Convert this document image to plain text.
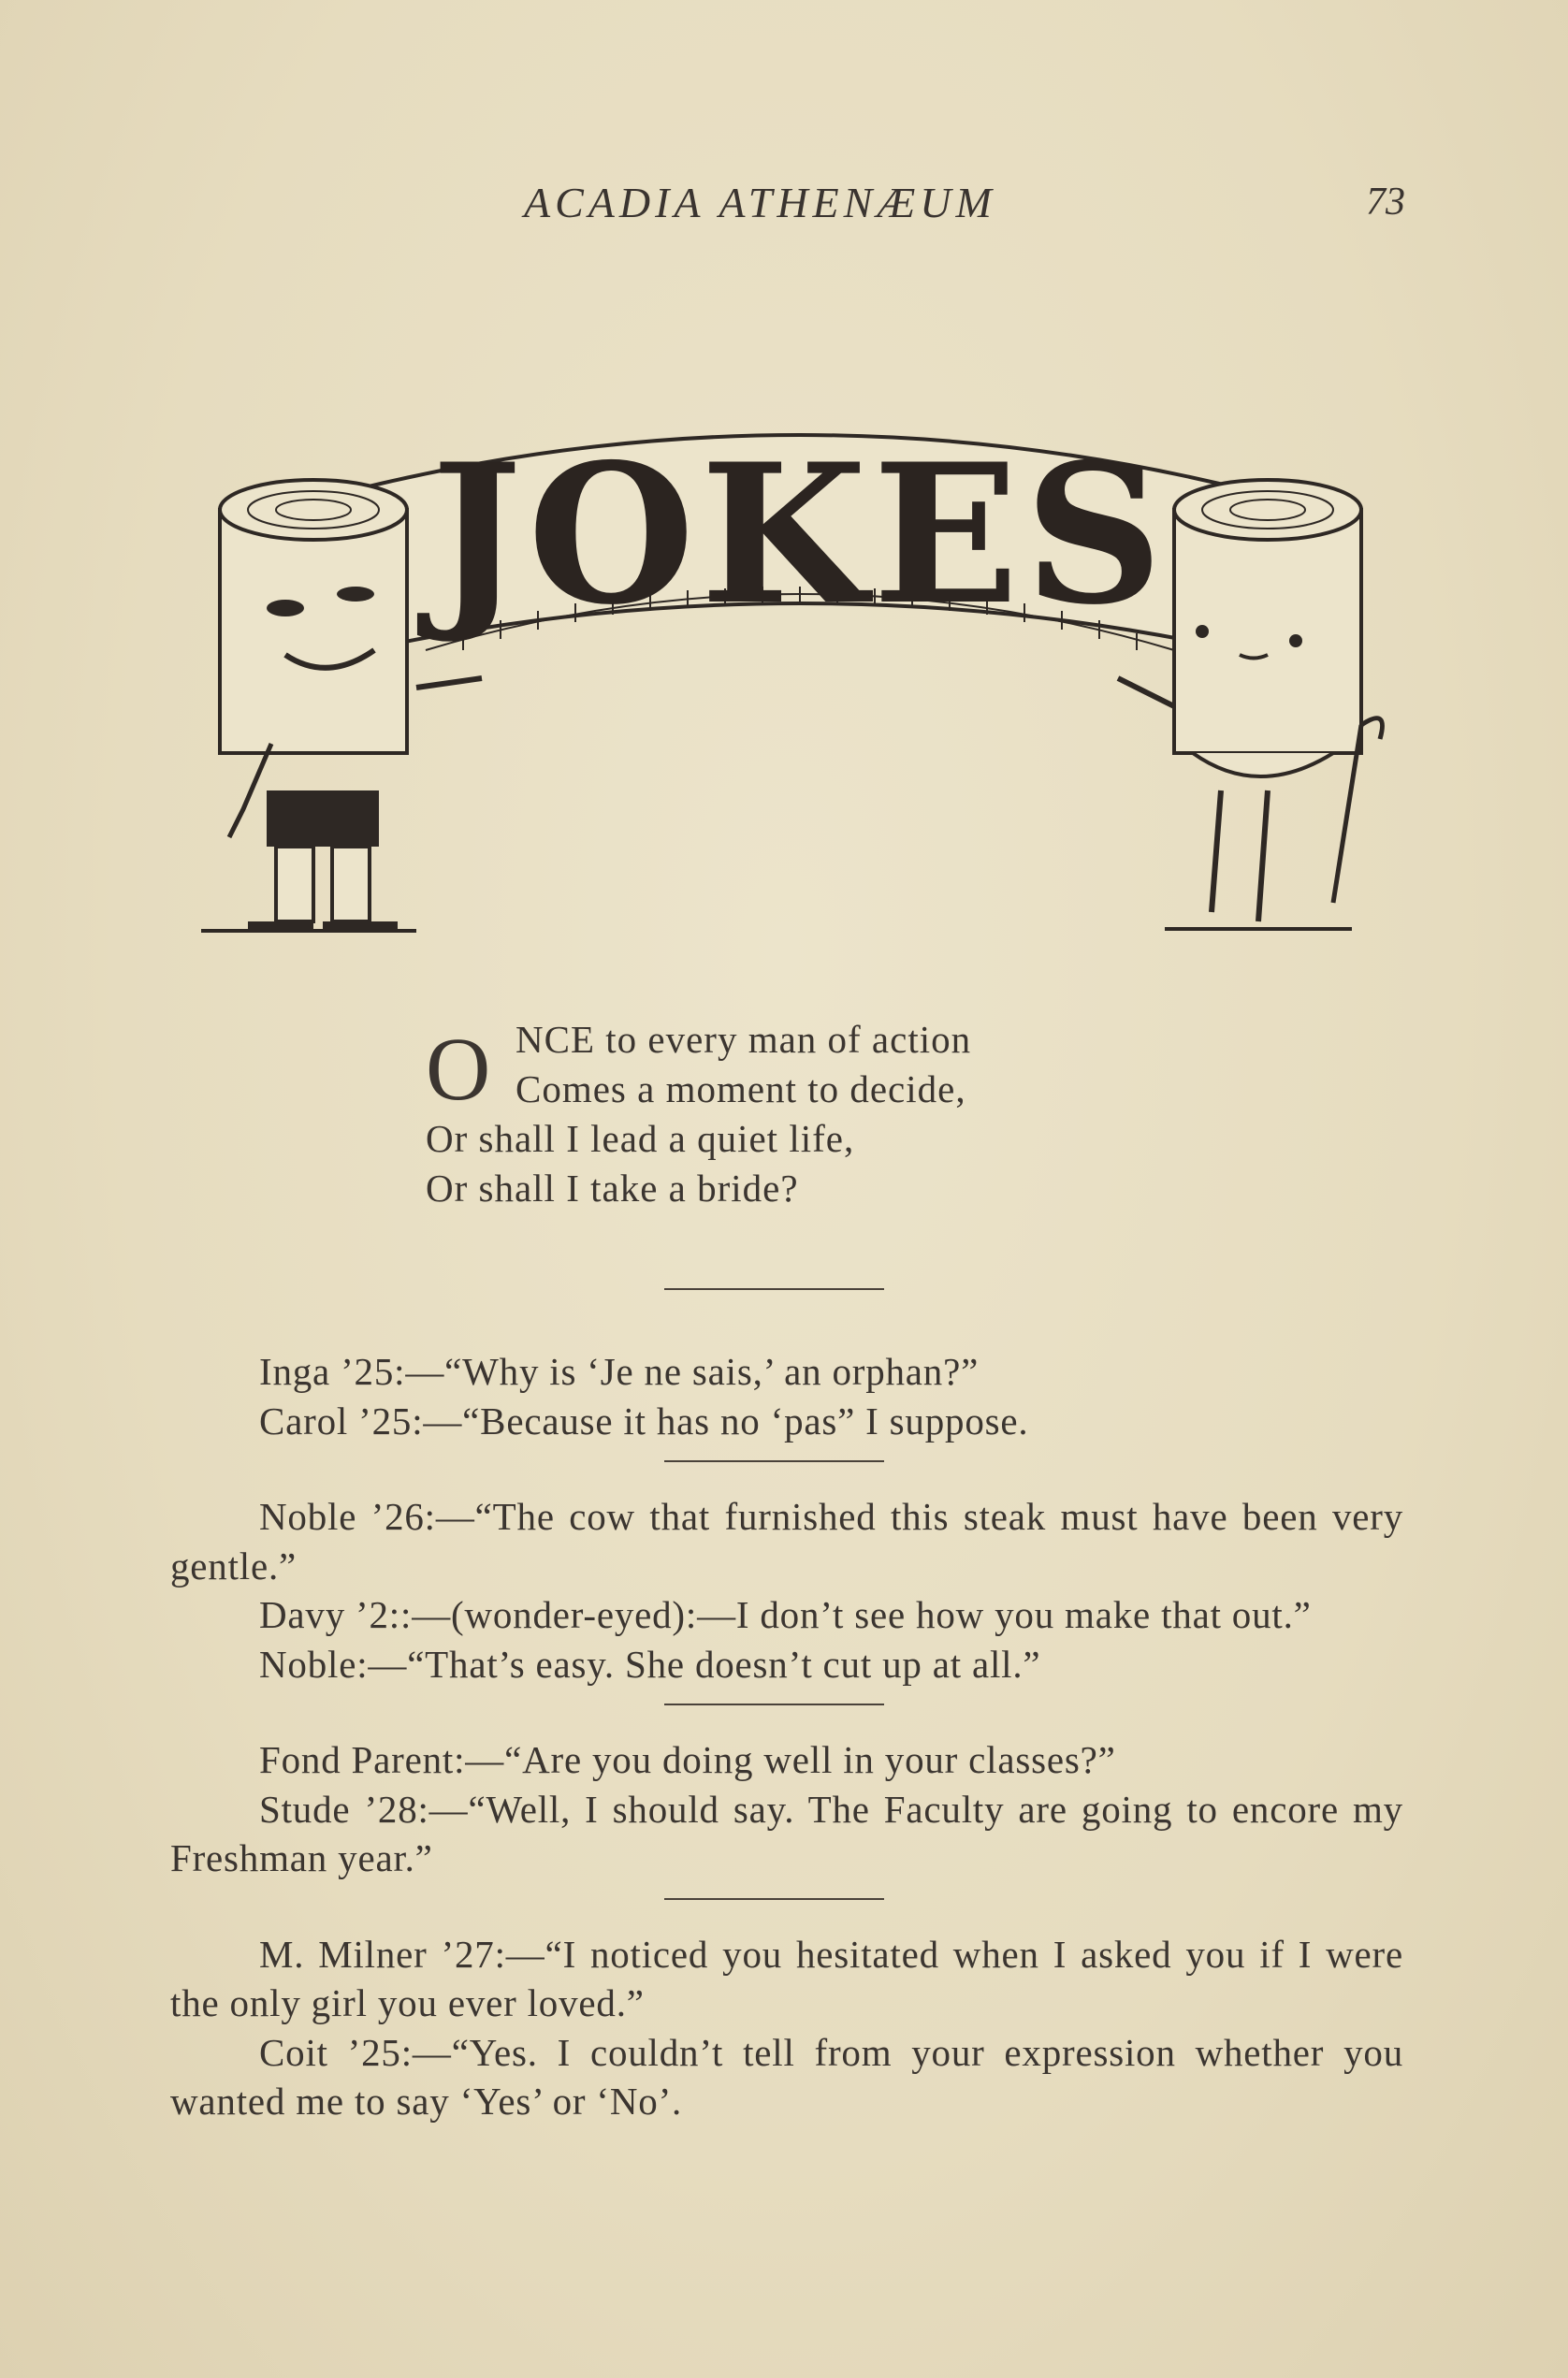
ACADIA ATHENÆUM	73
JOKES
O NCE to every man of action
Comes a moment to decide,
Or shall I lead a quiet life,
Or shall I take a bride?

Inga ’25:—“Why is ‘Je ne sais,’ an orphan?”

Carol ’25:—“Because it has no ‘pas” I suppose.

Noble ’26:—“The cow that furnished this steak must have been very gentle.”

Davy ’2::—(wonder-eyed):—I don’t see how you make that out.”

Noble:—“That’s easy. She doesn’t cut up at all.”

Fond Parent:—“Are you doing well in your classes?”

Stude ’28:—“Well, I should say. The Faculty are going to encore my Freshman year.”

M. Milner ’27:—“I noticed you hesitated when I asked you if I were the only girl you ever loved.”

Coit ’25:—“Yes. I couldn’t tell from your expression whether you wanted me to say ‘Yes’ or ‘No’.
